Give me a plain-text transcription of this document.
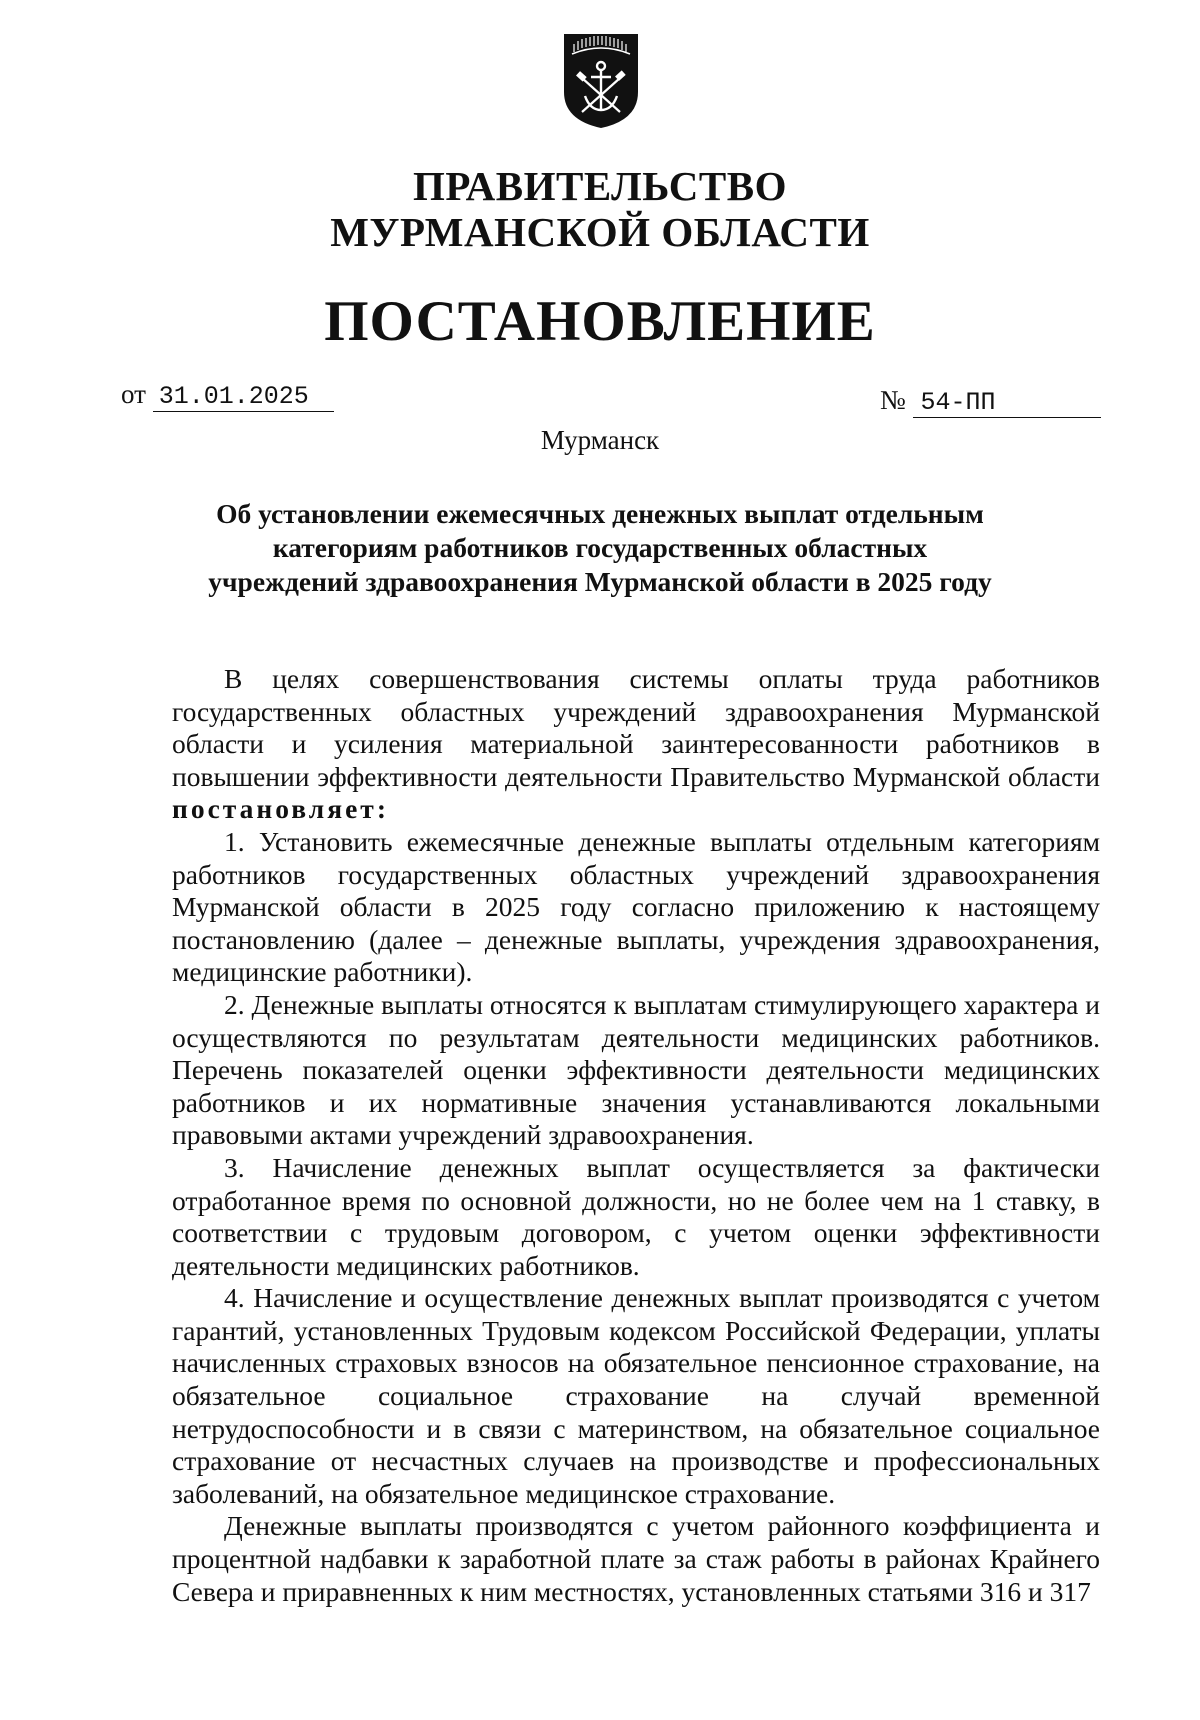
ПРАВИТЕЛЬСТВО
МУРМАНСКОЙ ОБЛАСТИ
ПОСТАНОВЛЕНИЕ
от 31.01.2025	№ 54-ПП
Мурманск
Об установлении ежемесячных денежных выплат отдельным
категориям работников государственных областных
учреждений здравоохранения Мурманской области в 2025 году

В целях совершенствования системы оплаты труда работников государственных областных учреждений здравоохранения Мурманской области и усиления материальной заинтересованности работников в повышении эффективности деятельности Правительство Мурманской области постановляет:

1. Установить ежемесячные денежные выплаты отдельным категориям работников государственных областных учреждений здравоохранения Мурманской области в 2025 году согласно приложению к настоящему постановлению (далее – денежные выплаты, учреждения здравоохранения, медицинские работники).

2. Денежные выплаты относятся к выплатам стимулирующего характера и осуществляются по результатам деятельности медицинских работников. Перечень показателей оценки эффективности деятельности медицинских работников и их нормативные значения устанавливаются локальными правовыми актами учреждений здравоохранения.

3. Начисление денежных выплат осуществляется за фактически отработанное время по основной должности, но не более чем на 1 ставку, в соответствии с трудовым договором, с учетом оценки эффективности деятельности медицинских работников.

4. Начисление и осуществление денежных выплат производятся с учетом гарантий, установленных Трудовым кодексом Российской Федерации, уплаты начисленных страховых взносов на обязательное пенсионное страхование, на обязательное социальное страхование на случай временной нетрудоспособности и в связи с материнством, на обязательное социальное страхование от несчастных случаев на производстве и профессиональных заболеваний, на обязательное медицинское страхование.

Денежные выплаты производятся с учетом районного коэффициента и процентной надбавки к заработной плате за стаж работы в районах Крайнего Севера и приравненных к ним местностях, установленных статьями 316 и 317
